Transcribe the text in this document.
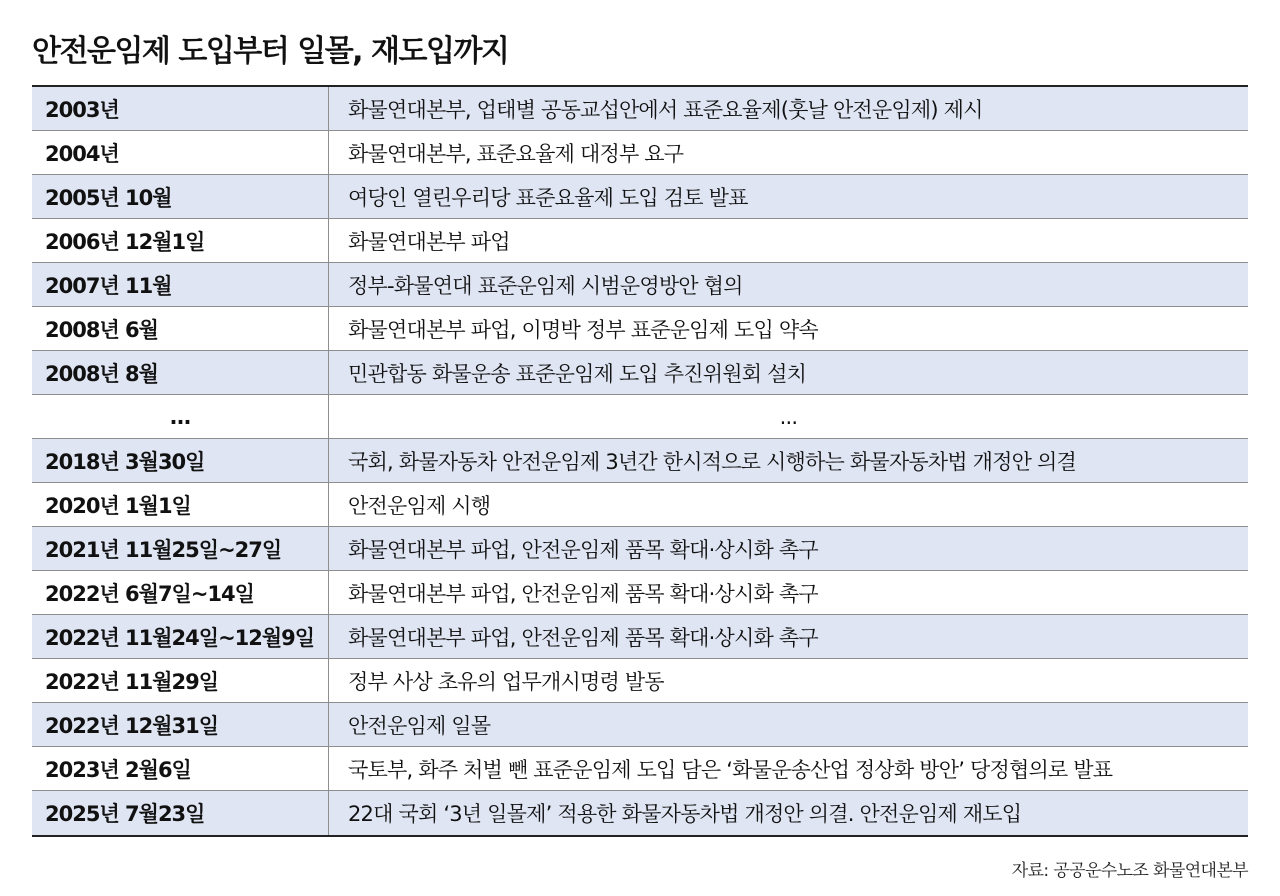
안전운임제 도입부터 일몰, 재도입까지
2003년	화물연대본부, 업태별 공동교섭안에서 표준요율제(훗날 안전운임제) 제시
2004년	화물연대본부, 표준요율제 대정부 요구
2005년 10월	여당인 열린우리당 표준요율제 도입 검토 발표
2006년 12월1일	화물연대본부 파업
2007년 11월	정부-화물연대 표준운임제 시범운영방안 협의
2008년 6월	화물연대본부 파업, 이명박 정부 표준운임제 도입 약속
2008년 8월	민관합동 화물운송 표준운임제 도입 추진위원회 설치
...	...
2018년 3월30일	국회, 화물자동차 안전운임제 3년간 한시적으로 시행하는 화물자동차법 개정안 의결
2020년 1월1일	안전운임제 시행
2021년 11월25일~27일	화물연대본부 파업, 안전운임제 품목 확대·상시화 촉구
2022년 6월7일~14일	화물연대본부 파업, 안전운임제 품목 확대·상시화 촉구
2022년 11월24일~12월9일	화물연대본부 파업, 안전운임제 품목 확대·상시화 촉구
2022년 11월29일	정부 사상 초유의 업무개시명령 발동
2022년 12월31일	안전운임제 일몰
2023년 2월6일	국토부, 화주 처벌 뺀 표준운임제 도입 담은 ‘화물운송산업 정상화 방안’ 당정협의로 발표
2025년 7월23일	22대 국회 ‘3년 일몰제’ 적용한 화물자동차법 개정안 의결. 안전운임제 재도입
자료: 공공운수노조 화물연대본부
